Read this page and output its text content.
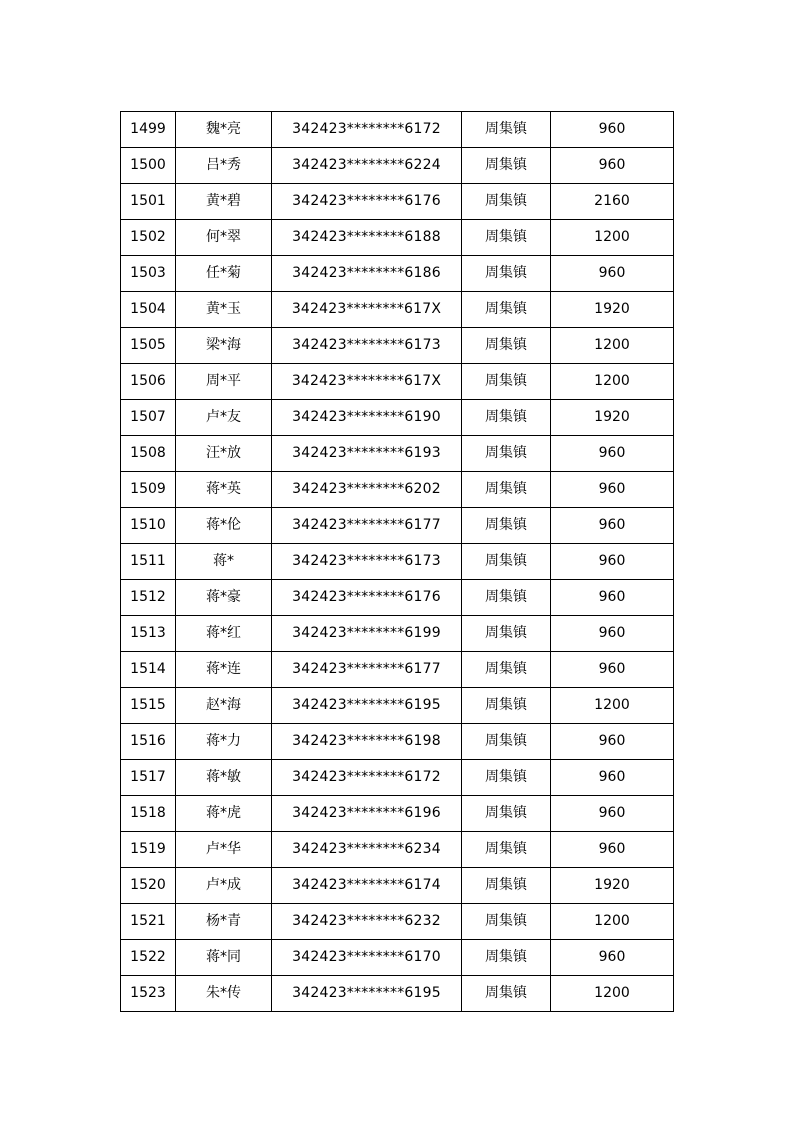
1499	魏*亮	342423********6172	周集镇	960
1500	吕*秀	342423********6224	周集镇	960
1501	黄*碧	342423********6176	周集镇	2160
1502	何*翠	342423********6188	周集镇	1200
1503	任*菊	342423********6186	周集镇	960
1504	黄*玉	342423********617X	周集镇	1920
1505	梁*海	342423********6173	周集镇	1200
1506	周*平	342423********617X	周集镇	1200
1507	卢*友	342423********6190	周集镇	1920
1508	汪*放	342423********6193	周集镇	960
1509	蒋*英	342423********6202	周集镇	960
1510	蒋*伦	342423********6177	周集镇	960
1511	蒋*	342423********6173	周集镇	960
1512	蒋*豪	342423********6176	周集镇	960
1513	蒋*红	342423********6199	周集镇	960
1514	蒋*连	342423********6177	周集镇	960
1515	赵*海	342423********6195	周集镇	1200
1516	蒋*力	342423********6198	周集镇	960
1517	蒋*敏	342423********6172	周集镇	960
1518	蒋*虎	342423********6196	周集镇	960
1519	卢*华	342423********6234	周集镇	960
1520	卢*成	342423********6174	周集镇	1920
1521	杨*青	342423********6232	周集镇	1200
1522	蒋*同	342423********6170	周集镇	960
1523	朱*传	342423********6195	周集镇	1200
